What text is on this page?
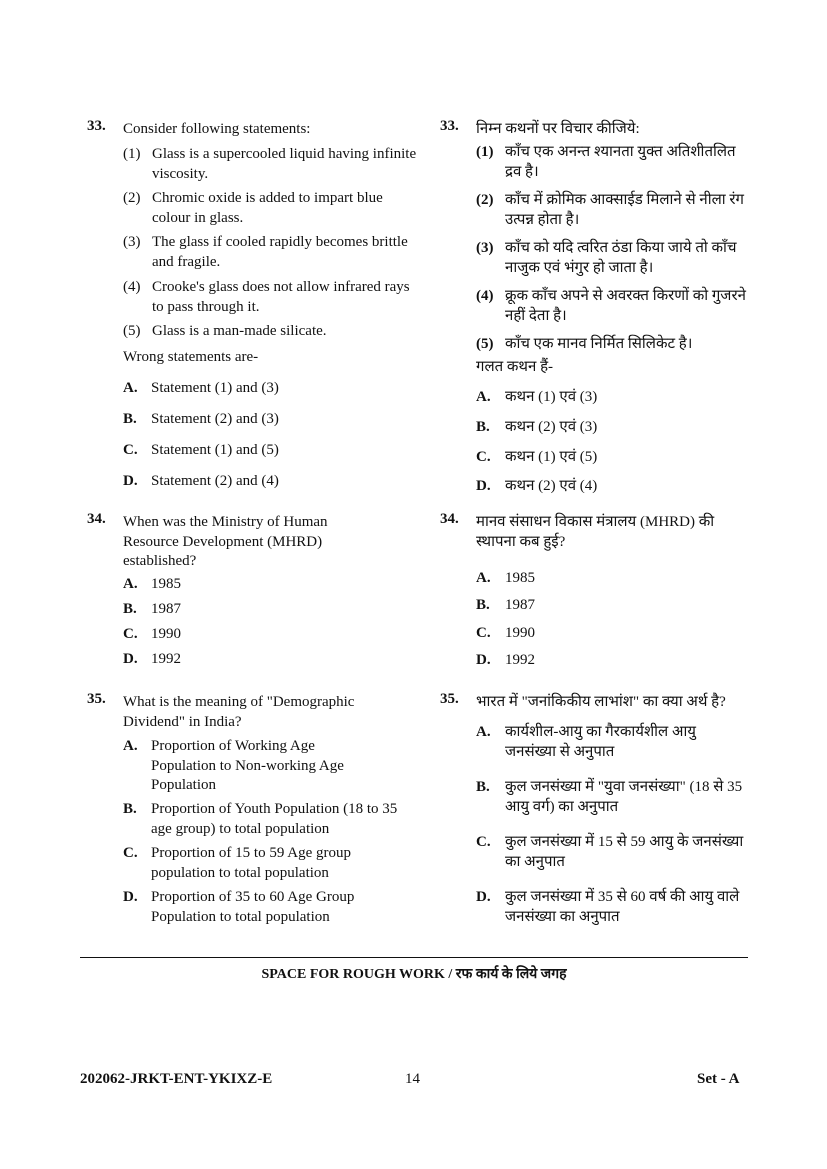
33. Consider following statements:
(1) Glass is a supercooled liquid having infinite viscosity.
(2) Chromic oxide is added to impart blue colour in glass.
(3) The glass if cooled rapidly becomes brittle and fragile.
(4) Crooke's glass does not allow infrared rays to pass through it.
(5) Glass is a man-made silicate.
Wrong statements are-
A. Statement (1) and (3)
B. Statement (2) and (3)
C. Statement (1) and (5)
D. Statement (2) and (4)
34. When was the Ministry of Human Resource Development (MHRD) established?
A. 1985
B. 1987
C. 1990
D. 1992
35. What is the meaning of "Demographic Dividend" in India?
A. Proportion of Working Age Population to Non-working Age Population
B. Proportion of Youth Population (18 to 35 age group) to total population
C. Proportion of 15 to 59 Age group population to total population
D. Proportion of 35 to 60 Age Group Population to total population
33. निम्न कथनों पर विचार कीजिये:
(1) काँच एक अनन्त श्यानता युक्त अतिशीतलित द्रव है।
(2) काँच में क्रोमिक आक्साईड मिलाने से नीला रंग उत्पन्न होता है।
(3) काँच को यदि त्वरित ठंडा किया जाये तो काँच नाजुक एवं भंगुर हो जाता है।
(4) क्रूक काँच अपने से अवरक्त किरणों को गुजरने नहीं देता है।
(5) काँच एक मानव निर्मित सिलिकेट है।
गलत कथन हैं-
A. कथन (1) एवं (3)
B. कथन (2) एवं (3)
C. कथन (1) एवं (5)
D. कथन (2) एवं (4)
34. मानव संसाधन विकास मंत्रालय (MHRD) की स्थापना कब हुई?
A. 1985
B. 1987
C. 1990
D. 1992
35. भारत में "जनांकिकीय लाभांश" का क्या अर्थ है?
A. कार्यशील-आयु का गैरकार्यशील आयु जनसंख्या से अनुपात
B. कुल जनसंख्या में "युवा जनसंख्या" (18 से 35 आयु वर्ग) का अनुपात
C. कुल जनसंख्या में 15 से 59 आयु के जनसंख्या का अनुपात
D. कुल जनसंख्या में 35 से 60 वर्ष की आयु वाले जनसंख्या का अनुपात
SPACE FOR ROUGH WORK / रफ कार्य के लिये जगह
202062-JRKT-ENT-YKIXZ-E	14	Set - A
